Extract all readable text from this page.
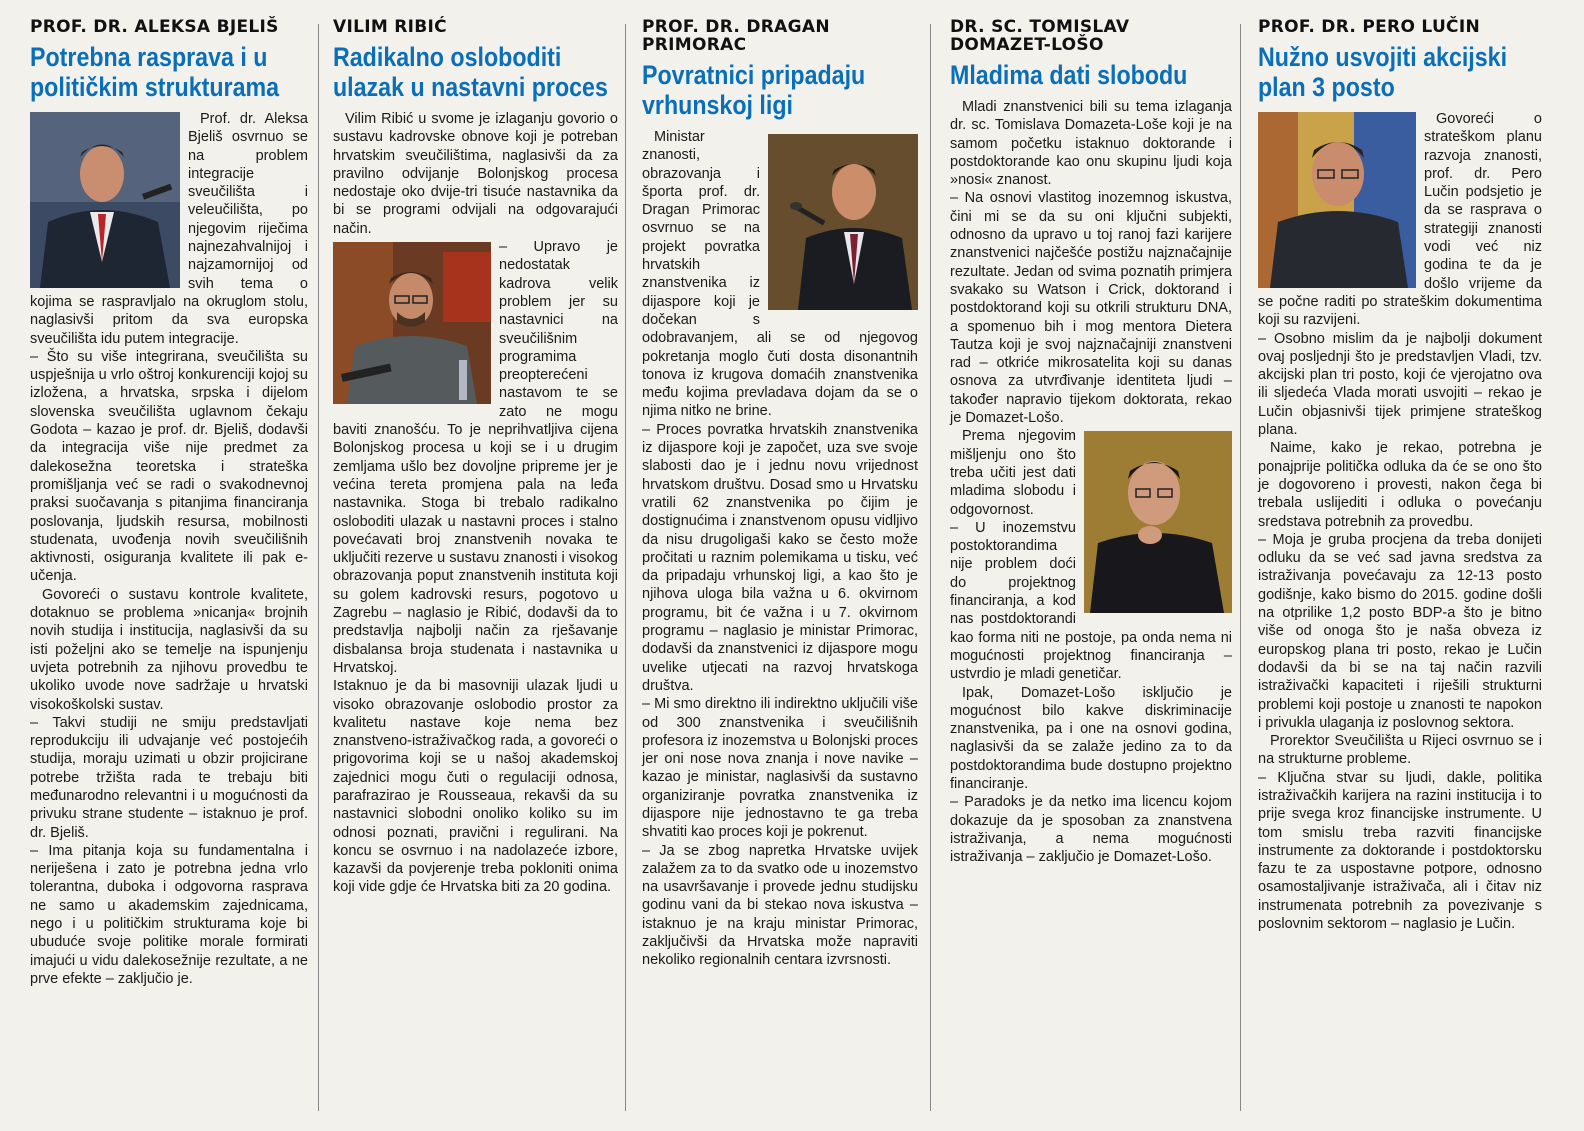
PROF. DR. ALEKSA BJELIŠ
Potrebna rasprava i u političkim strukturama

Prof. dr. Aleksa Bjeliš osvrnuo se na problem integracije sveučilišta i veleučilišta, po njegovim riječima najnezahvalnijoj i najzamornijoj od svih tema o kojima se raspravljalo na okruglom stolu, naglasivši pritom da sva europska sveučilišta idu putem integracije.

– Što su više integrirana, sveučilišta su uspješnija u vrlo oštroj konkurenciji kojoj su izložena, a hrvatska, srpska i dijelom slovenska sveučilišta uglavnom čekaju Godota – kazao je prof. dr. Bjeliš, dodavši da integracija više nije predmet za dalekosežna teoretska i strateška promišljanja već se radi o svakodnevnoj praksi suočavanja s pitanjima financiranja poslovanja, ljudskih resursa, mobilnosti studenata, uvođenja novih sveučilišnih aktivnosti, osiguranja kvalitete ili pak e-učenja.

Govoreći o sustavu kontrole kvalitete, dotaknuo se problema »nicanja« brojnih novih studija i institucija, naglasivši da su isti poželjni ako se temelje na ispunjenju uvjeta potrebnih za njihovu provedbu te ukoliko uvode nove sadržaje u hrvatski visokoškolski sustav.

– Takvi studiji ne smiju predstavljati reprodukciju ili udvajanje već postojećih studija, moraju uzimati u obzir projicirane potrebe tržišta rada te trebaju biti međunarodno relevantni i u mogućnosti da privuku strane studente – istaknuo je prof. dr. Bjeliš.

– Ima pitanja koja su fundamentalna i neriješena i zato je potrebna jedna vrlo tolerantna, duboka i odgovorna rasprava ne samo u akademskim zajednicama, nego i u političkim strukturama koje bi ubuduće svoje politike morale formirati imajući u vidu dalekosežnije rezultate, a ne prve efekte – zaključio je.

VILIM RIBIĆ
Radikalno osloboditi ulazak u nastavni proces

Vilim Ribić u svome je izlaganju govorio o sustavu kadrovske obnove koji je potreban hrvatskim sveučilištima, naglasivši da za pravilno odvijanje Bolonjskog procesa nedostaje oko dvije-tri tisuće nastavnika da bi se programi odvijali na odgovarajući način.

– Upravo je nedostatak kadrova velik problem jer su nastavnici na sveučilišnim programima preopterećeni nastavom te se zato ne mogu baviti znanošću. To je neprihvatljiva cijena Bolonjskog procesa u koji se i u drugim zemljama ušlo bez dovoljne pripreme jer je većina tereta promjena pala na leđa nastavnika. Stoga bi trebalo radikalno osloboditi ulazak u nastavni proces i stalno povećavati broj znanstvenih novaka te uključiti rezerve u sustavu znanosti i visokog obrazovanja poput znanstvenih instituta koji su golem kadrovski resurs, pogotovo u Zagrebu – naglasio je Ribić, dodavši da to predstavlja najbolji način za rješavanje disbalansa broja studenata i nastavnika u Hrvatskoj.

Istaknuo je da bi masovniji ulazak ljudi u visoko obrazovanje oslobodio prostor za kvalitetu nastave koje nema bez znanstveno-istraživačkog rada, a govoreći o prigovorima koji se u našoj akademskoj zajednici mogu čuti o regulaciji odnosa, parafrazirao je Rousseaua, rekavši da su nastavnici slobodni onoliko koliko su im odnosi poznati, pravični i regulirani. Na koncu se osvrnuo i na nadolazeće izbore, kazavši da povjerenje treba pokloniti onima koji vide gdje će Hrvatska biti za 20 godina.

PROF. DR. DRAGAN PRIMORAC
Povratnici pripadaju vrhunskoj ligi

Ministar znanosti, obrazovanja i športa prof. dr. Dragan Primorac osvrnuo se na projekt povratka hrvatskih znanstvenika iz dijaspore koji je dočekan s odobravanjem, ali se od njegovog pokretanja moglo čuti dosta disonantnih tonova iz krugova domaćih znanstvenika među kojima prevladava dojam da se o njima nitko ne brine.

– Proces povratka hrvatskih znanstvenika iz dijaspore koji je započet, uza sve svoje slabosti dao je i jednu novu vrijednost hrvatskom društvu. Dosad smo u Hrvatsku vratili 62 znanstvenika po čijim je dostignućima i znanstvenom opusu vidljivo da nisu drugoligaši kako se često može pročitati u raznim polemikama u tisku, već da pripadaju vrhunskoj ligi, a kao što je njihova uloga bila važna u 6. okvirnom programu, bit će važna i u 7. okvirnom programu – naglasio je ministar Primorac, dodavši da znanstvenici iz dijaspore mogu uvelike utjecati na razvoj hrvatskoga društva.

– Mi smo direktno ili indirektno uključili više od 300 znanstvenika i sveučilišnih profesora iz inozemstva u Bolonjski proces jer oni nose novа znanja i nove navike – kazao je ministar, naglasivši da sustavno organiziranje povratka znanstvenika iz dijaspore nije jednostavno te ga treba shvatiti kao proces koji je pokrenut.

– Ja se zbog napretka Hrvatske uvijek zalažem za to da svatko ode u inozemstvo na usavršavanje i provede jednu studijsku godinu vani da bi stekao nova iskustva – istaknuo je na kraju ministar Primorac, zaključivši da Hrvatska može napraviti nekoliko regionalnih centara izvrsnosti.

DR. SC. TOMISLAV DOMAZET-LOŠO
Mladima dati slobodu

Mladi znanstvenici bili su tema izlaganja dr. sc. Tomislava Domazeta-Loše koji je na samom početku istaknuo doktorande i postdoktorande kao onu skupinu ljudi koja »nosi« znanost.

– Na osnovi vlastitog inozemnog iskustva, čini mi se da su oni ključni subjekti, odnosno da upravo u toj ranoj fazi karijere znanstvenici najčešće postižu najznačajnije rezultate. Jedan od svima poznatih primjera svakako su Watson i Crick, doktorand i postdoktorand koji su otkrili strukturu DNA, a spomenuo bih i mog mentora Dietera Tautza koji je svoj najznačajniji znanstveni rad – otkriće mikrosatelita koji su danas osnova za utvrđivanje identiteta ljudi – također napravio tijekom doktorata, rekao je Domazet-Lošo.

Prema njegovim mišljenju ono što treba učiti jest dati mladima slobodu i odgovornost.

– U inozemstvu postoktorandima nije problem doći do projektnog financiranja, a kod nas postdoktorandi kao forma niti ne postoje, pa onda nema ni mogućnosti projektnog financiranja – ustvrdio je mladi genetičar.

Ipak, Domazet-Lošo isključio je mogućnost bilo kakve diskriminacije znanstvenika, pa i one na osnovi godina, naglasivši da se zalaže jedino za to da postdoktorandima bude dostupno projektno financiranje.

– Paradoks je da netko ima licencu kojom dokazuje da je sposoban za znanstvena istraživanja, a nema mogućnosti istraživanja – zaključio je Domazet-Lošo.

PROF. DR. PERO LUČIN
Nužno usvojiti akcijski plan 3 posto

Govoreći o strateškom planu razvoja znanosti, prof. dr. Pero Lučin podsjetio je da se rasprava o strategiji znanosti vodi već niz godina te da je došlo vrijeme da se počne raditi po strateškim dokumentima koji su razvijeni.

– Osobno mislim da je najbolji dokument ovaj posljednji što je predstavljen Vladi, tzv. akcijski plan tri posto, koji će vjerojatno ova ili sljedeća Vlada morati usvojiti – rekao je Lučin objasnivši tijek primjene strateškog plana.

Naime, kako je rekao, potrebna je ponajprije politička odluka da će se ono što je dogovoreno i provesti, nakon čega bi trebala uslijediti i odluka o povećanju sredstava potrebnih za provedbu.

– Moja je gruba procjena da treba donijeti odluku da se već sad javna sredstva za istraživanja povećavaju za 12-13 posto godišnje, kako bismo do 2015. godine došli na otprilike 1,2 posto BDP-a što je bitno više od onoga što je naša obveza iz europskog plana tri posto, rekao je Lučin dodavši da bi se na taj način razvili istraživački kapaciteti i riješili strukturni problemi koji postoje u znanosti te napokon i privukla ulaganja iz poslovnog sektora.

Prorektor Sveučilišta u Rijeci osvrnuo se i na strukturne probleme.

– Ključna stvar su ljudi, dakle, politika istraživačkih karijera na razini institucija i to prije svega kroz financijske instrumente. U tom smislu treba razviti financijske instrumente za doktorande i postdoktorsku fazu te za uspostavne potpore, odnosno osamostaljivanje istraživača, ali i čitav niz instrumenata potrebnih za povezivanje s poslovnim sektorom – naglasio je Lučin.
